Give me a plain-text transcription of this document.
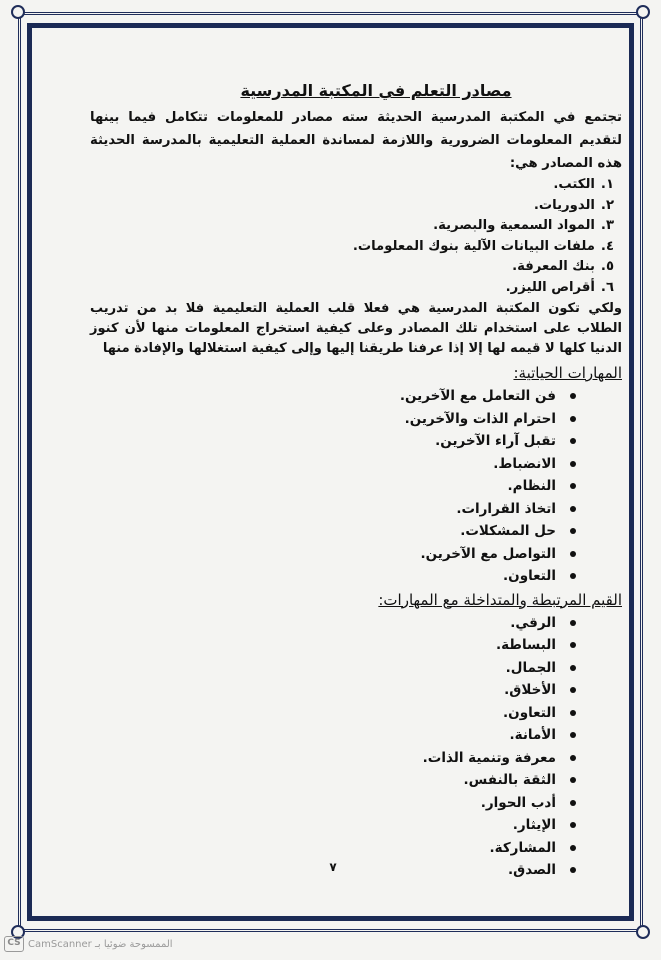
مصادر التعلم في المكتبة المدرسية

تجتمع في المكتبة المدرسية الحديثة سته مصادر للمعلومات تتكامل فيما بينها لتقديم المعلومات الضرورية واللازمة لمساندة العملية التعليمية بالمدرسة الحديثة هذه المصادر هي:

١.الكتب.
٢.الدوريات.
٣.المواد السمعية والبصرية.
٤.ملفات البيانات الآلية بنوك المعلومات.
٥.بنك المعرفة.
٦.أقراص الليزر.

ولكي تكون المكتبة المدرسية هي فعلا قلب العملية التعليمية فلا بد من تدريب الطلاب على استخدام تلك المصادر وعلى كيفية استخراج المعلومات منها لأن كنوز الدنيا كلها لا قيمه لها إلا إذا عرفنا طريقنا إليها وإلى كيفية استغلالها والإفادة منها

المهارات الحياتية:
فن التعامل مع الآخرين.
احترام الذات والآخرين.
تقبل آراء الآخرين.
الانضباط.
النظام.
اتخاذ القرارات.
حل المشكلات.
التواصل مع الآخرين.
التعاون.
القيم المرتبطة والمتداخلة مع المهارات:
الرقي.
البساطة.
الجمال.
الأخلاق.
التعاون.
الأمانة.
معرفة وتنمية الذات.
الثقة بالنفس.
أدب الحوار.
الإيثار.
المشاركة.
الصدق.
٧
CS CamScanner الممسوحة ضوئيا بـ
